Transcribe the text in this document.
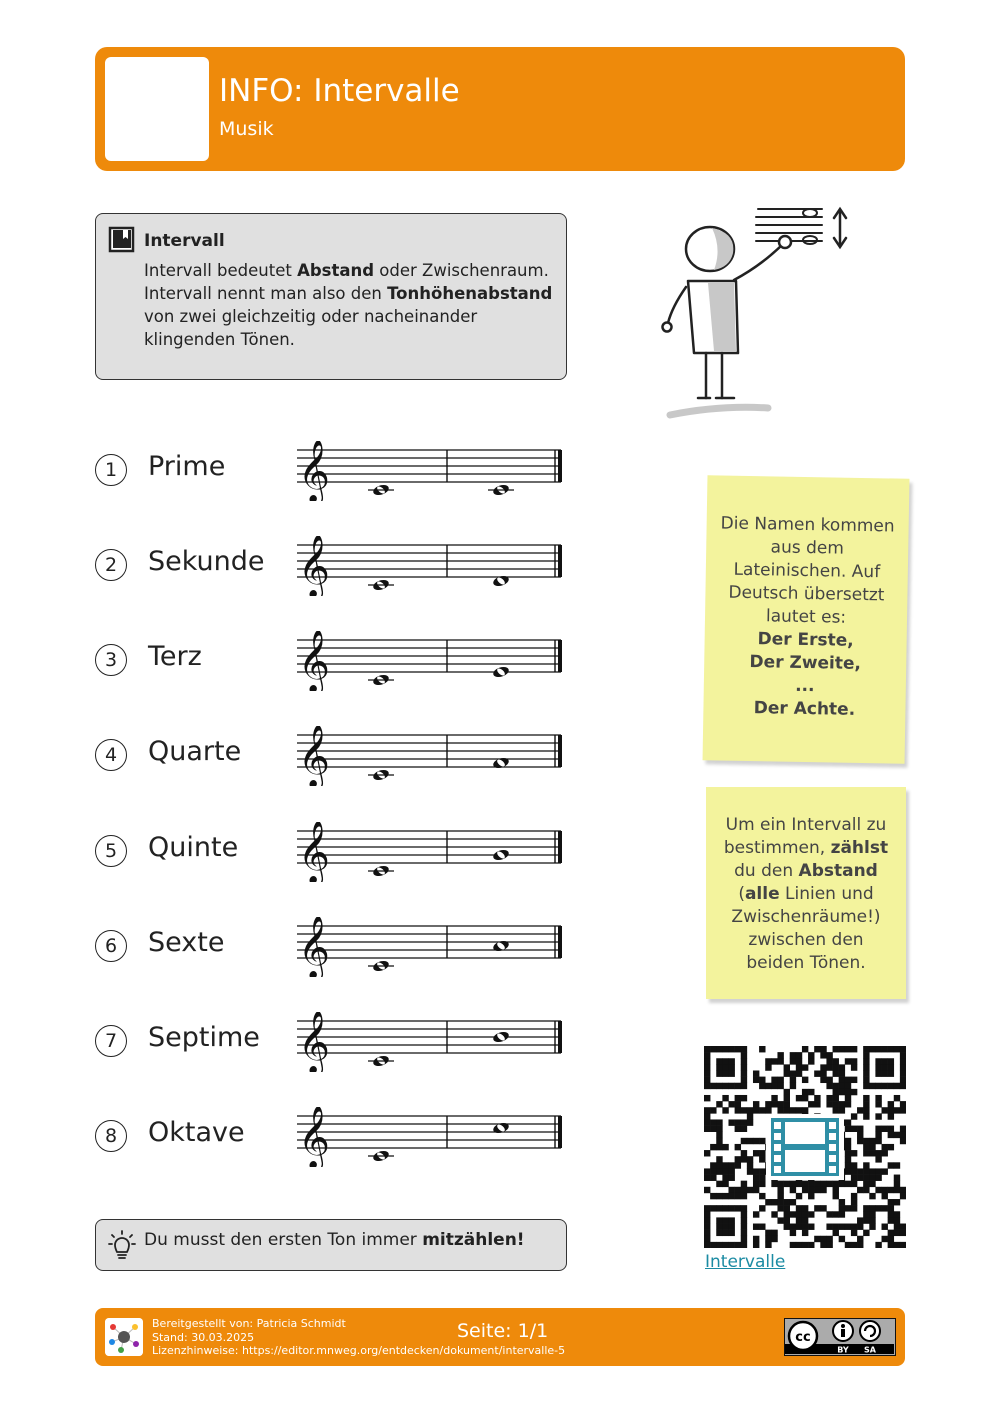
INFO: Intervalle
Musik
Intervall
Intervall bedeutet Abstand oder Zwischenraum. Intervall nennt man also den Tonhöhenabstand von zwei gleichzeitig oder nacheinander klingenden Tönen.
1	Prime 𝄞
2	Sekunde 𝄞
3	Terz 𝄞
4	Quarte 𝄞
5	Quinte 𝄞
6	Sexte 𝄞
7	Septime 𝄞
8	Oktave 𝄞
Die Namen kommen
aus dem
Lateinischen. Auf
Deutsch übersetzt
lautet es:
Der Erste,
Der Zweite,
...
Der Achte.
Um ein Intervall zu bestimmen, zählst du den Abstand (alle Linien und Zwischenräume!) zwischen den beiden Tönen.
Intervalle
Du musst den ersten Ton immer mitzählen!
Bereitgestellt von: Patricia Schmidt
Stand: 30.03.2025
Lizenzhinweise: https://editor.mnweg.org/entdecken/dokument/intervalle-5
Seite: 1/1	cc
BY SA
